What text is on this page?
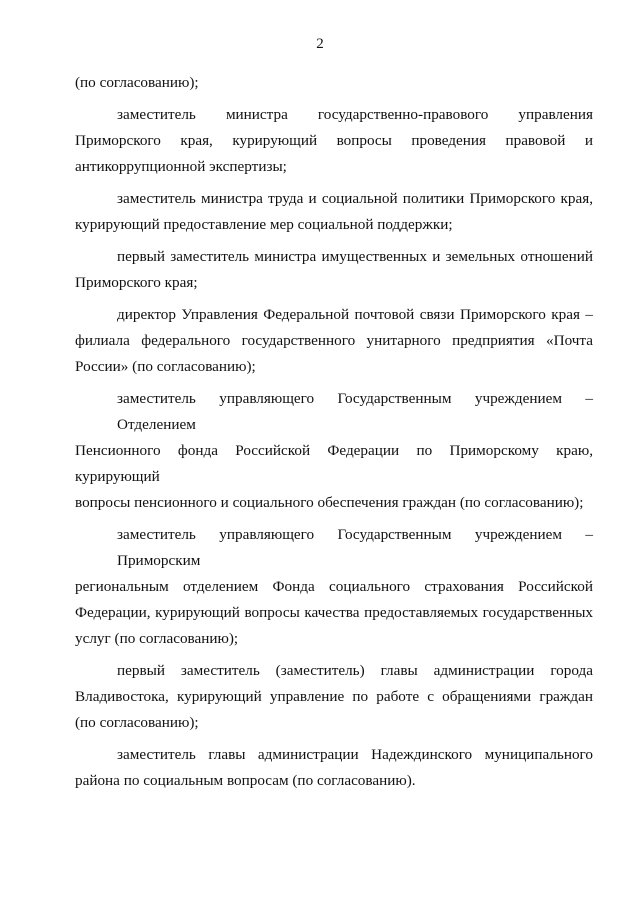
2
(по согласованию);
заместитель министра государственно-правового управления
Приморского края, курирующий вопросы проведения правовой и
антикоррупционной экспертизы;
заместитель министра труда и социальной политики Приморского края,
курирующий предоставление мер социальной поддержки;
первый заместитель министра имущественных и земельных отношений
Приморского края;
директор Управления Федеральной почтовой связи Приморского края –
филиала федерального государственного унитарного предприятия «Почта
России» (по согласованию);
заместитель управляющего Государственным учреждением – Отделением
Пенсионного фонда Российской Федерации по Приморскому краю, курирующий
вопросы пенсионного и социального обеспечения граждан (по согласованию);
заместитель управляющего Государственным учреждением –Приморским
региональным отделением Фонда социального страхования Российской
Федерации, курирующий вопросы качества предоставляемых государственных
услуг (по согласованию);
первый заместитель (заместитель) главы администрации города
Владивостока, курирующий управление по работе с обращениями граждан
(по согласованию);
заместитель главы администрации Надеждинского муниципального
района по социальным вопросам (по согласованию).
